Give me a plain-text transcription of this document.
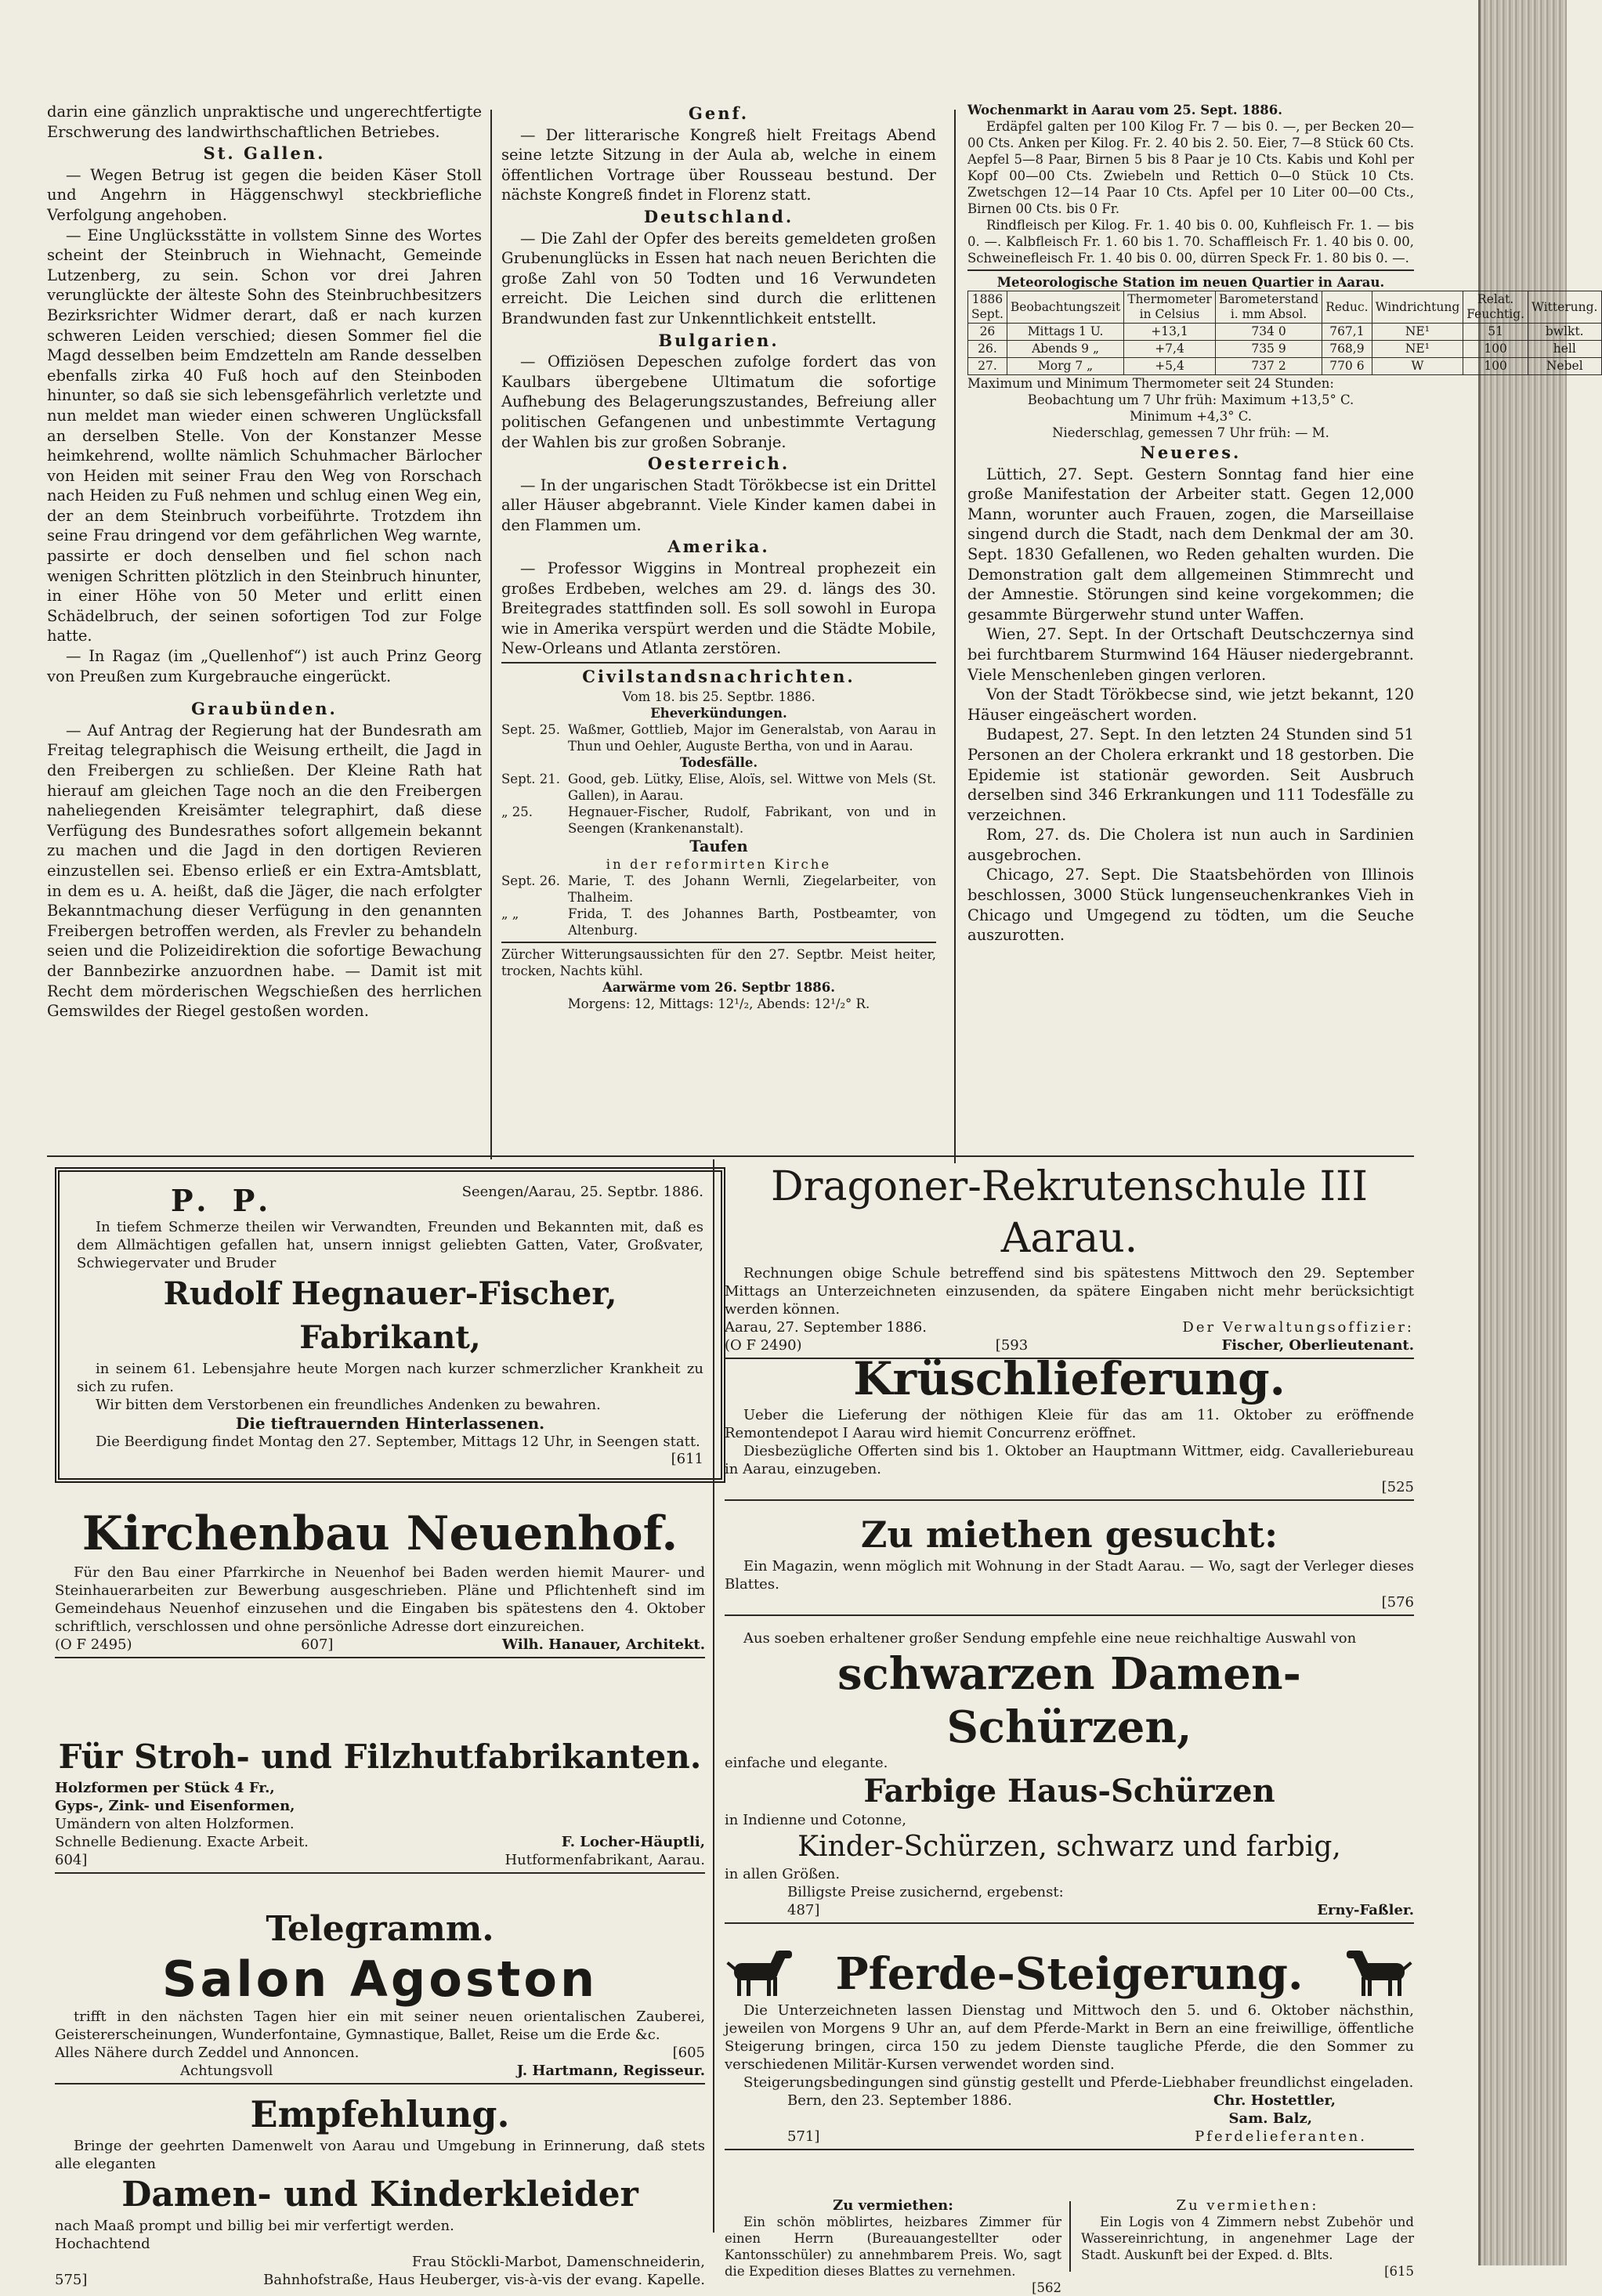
darin eine gänzlich unpraktische und ungerechtfertigte Erschwerung des landwirthschaftlichen Betriebes.

St. Gallen.

— Wegen Betrug ist gegen die beiden Käser Stoll und Angehrn in Häggenschwyl steckbriefliche Verfolgung angehoben.

— Eine Unglücksstätte in vollstem Sinne des Wortes scheint der Steinbruch in Wiehnacht, Gemeinde Lutzenberg, zu sein. Schon vor drei Jahren verunglückte der älteste Sohn des Steinbruchbesitzers Bezirksrichter Widmer derart, daß er nach kurzen schweren Leiden verschied; diesen Sommer fiel die Magd desselben beim Emdzetteln am Rande desselben ebenfalls zirka 40 Fuß hoch auf den Steinboden hinunter, so daß sie sich lebensgefährlich verletzte und nun meldet man wieder einen schweren Unglücksfall an derselben Stelle. Von der Konstanzer Messe heimkehrend, wollte nämlich Schuhmacher Bärlocher von Heiden mit seiner Frau den Weg von Rorschach nach Heiden zu Fuß nehmen und schlug einen Weg ein, der an dem Steinbruch vorbeiführte. Trotzdem ihn seine Frau dringend vor dem gefährlichen Weg warnte, passirte er doch denselben und fiel schon nach wenigen Schritten plötzlich in den Steinbruch hinunter, in einer Höhe von 50 Meter und erlitt einen Schädelbruch, der seinen sofortigen Tod zur Folge hatte.

— In Ragaz (im „Quellenhof“) ist auch Prinz Georg von Preußen zum Kurgebrauche eingerückt.

Graubünden.

— Auf Antrag der Regierung hat der Bundesrath am Freitag telegraphisch die Weisung ertheilt, die Jagd in den Freibergen zu schließen. Der Kleine Rath hat hierauf am gleichen Tage noch an die den Freibergen naheliegenden Kreisämter telegraphirt, daß diese Verfügung des Bundesrathes sofort allgemein bekannt zu machen und die Jagd in den dortigen Revieren einzustellen sei. Ebenso erließ er ein Extra-Amtsblatt, in dem es u. A. heißt, daß die Jäger, die nach erfolgter Bekanntmachung dieser Verfügung in den genannten Freibergen betroffen werden, als Frevler zu behandeln seien und die Polizeidirektion die sofortige Bewachung der Bannbezirke anzuordnen habe. — Damit ist mit Recht dem mörderischen Wegschießen des herrlichen Gemswildes der Riegel gestoßen worden.

Genf.

— Der litterarische Kongreß hielt Freitags Abend seine letzte Sitzung in der Aula ab, welche in einem öffentlichen Vortrage über Rousseau bestund. Der nächste Kongreß findet in Florenz statt.

Deutschland.

— Die Zahl der Opfer des bereits gemeldeten großen Grubenunglücks in Essen hat nach neuen Berichten die große Zahl von 50 Todten und 16 Verwundeten erreicht. Die Leichen sind durch die erlittenen Brandwunden fast zur Unkenntlichkeit entstellt.

Bulgarien.

— Offiziösen Depeschen zufolge fordert das von Kaulbars übergebene Ultimatum die sofortige Aufhebung des Belagerungszustandes, Befreiung aller politischen Gefangenen und unbestimmte Vertagung der Wahlen bis zur großen Sobranje.

Oesterreich.

— In der ungarischen Stadt Törökbecse ist ein Drittel aller Häuser abgebrannt. Viele Kinder kamen dabei in den Flammen um.

Amerika.

— Professor Wiggins in Montreal prophezeit ein großes Erdbeben, welches am 29. d. längs des 30. Breitegrades stattfinden soll. Es soll sowohl in Europa wie in Amerika verspürt werden und die Städte Mobile, New-Orleans und Atlanta zerstören.

Civilstandsnachrichten.
Vom 18. bis 25. Septbr. 1886.
Eheverkündungen.
Sept. 25. Waßmer, Gottlieb, Major im Generalstab, von Aarau in Thun und Oehler, Auguste Bertha, von und in Aarau.
Todesfälle.
Sept. 21. Good, geb. Lütky, Elise, Aloïs, sel. Wittwe von Mels (St. Gallen), in Aarau.
„ 25.	Hegnauer-Fischer, Rudolf, Fabrikant, von und in Seengen (Krankenanstalt).
Taufen
in der reformirten Kirche
Sept. 26. Marie, T. des Johann Wernli, Ziegelarbeiter, von Thalheim.
„ „	Frida, T. des Johannes Barth, Postbeamter, von Altenburg.
Zürcher Witterungsaussichten für den 27. Septbr. Meist heiter, trocken, Nachts kühl.
Aarwärme vom 26. Septbr 1886.
Morgens: 12, Mittags: 12¹/₂, Abends: 12¹/₂° R.
Wochenmarkt in Aarau vom 25. Sept. 1886.

Erdäpfel galten per 100 Kilog Fr. 7 — bis 0. —, per Becken 20—00 Cts. Anken per Kilog. Fr. 2. 40 bis 2. 50. Eier, 7—8 Stück 60 Cts. Aepfel 5—8 Paar, Birnen 5 bis 8 Paar je 10 Cts. Kabis und Kohl per Kopf 00—00 Cts. Zwiebeln und Rettich 0—0 Stück 10 Cts. Zwetschgen 12—14 Paar 10 Cts. Apfel per 10 Liter 00—00 Cts., Birnen 00 Cts. bis 0 Fr.

Rindfleisch per Kilog. Fr. 1. 40 bis 0. 00, Kuhfleisch Fr. 1. — bis 0. —. Kalbfleisch Fr. 1. 60 bis 1. 70. Schaffleisch Fr. 1. 40 bis 0. 00, Schweinefleisch Fr. 1. 40 bis 0. 00, dürren Speck Fr. 1. 80 bis 0. —.

Meteorologische Station im neuen Quartier in Aarau.
1886 Sept.	Beobachtungszeit	Thermometer in Celsius	Barometerstand i. mm Absol.	Reduc.	Windrichtung	Relat. Feuchtig.	Witterung.
26	Mittags 1 U.	+13,1	734 0	767,1	NE¹	51	bwlkt.
26.	Abends 9 „	+7,4	735 9	768,9	NE¹	100	hell
27.	Morg 7 „	+5,4	737 2	770 6	W	100	Nebel
Maximum und Minimum Thermometer seit 24 Stunden:
Beobachtung um 7 Uhr früh: Maximum +13,5° C.
Minimum +4,3° C.
Niederschlag, gemessen 7 Uhr früh: — M.
Neueres.

Lüttich, 27. Sept. Gestern Sonntag fand hier eine große Manifestation der Arbeiter statt. Gegen 12,000 Mann, worunter auch Frauen, zogen, die Marseillaise singend durch die Stadt, nach dem Denkmal der am 30. Sept. 1830 Gefallenen, wo Reden gehalten wurden. Die Demonstration galt dem allgemeinen Stimmrecht und der Amnestie. Störungen sind keine vorgekommen; die gesammte Bürgerwehr stund unter Waffen.

Wien, 27. Sept. In der Ortschaft Deutschczernya sind bei furchtbarem Sturmwind 164 Häuser niedergebrannt. Viele Menschenleben gingen verloren.

Von der Stadt Törökbecse sind, wie jetzt bekannt, 120 Häuser eingeäschert worden.

Budapest, 27. Sept. In den letzten 24 Stunden sind 51 Personen an der Cholera erkrankt und 18 gestorben. Die Epidemie ist stationär geworden. Seit Ausbruch derselben sind 346 Erkrankungen und 111 Todesfälle zu verzeichnen.

Rom, 27. ds. Die Cholera ist nun auch in Sardinien ausgebrochen.

Chicago, 27. Sept. Die Staatsbehörden von Illinois beschlossen, 3000 Stück lungenseuchenkrankes Vieh in Chicago und Umgegend zu tödten, um die Seuche auszurotten.

P. P.	Seengen/Aarau, 25. Septbr. 1886.

In tiefem Schmerze theilen wir Verwandten, Freunden und Bekannten mit, daß es dem Allmächtigen gefallen hat, unsern innigst geliebten Gatten, Vater, Großvater, Schwiegervater und Bruder

Rudolf Hegnauer-Fischer, Fabrikant,

in seinem 61. Lebensjahre heute Morgen nach kurzer schmerzlicher Krankheit zu sich zu rufen.

Wir bitten dem Verstorbenen ein freundliches Andenken zu bewahren.

Die tieftrauernden Hinterlassenen.

Die Beerdigung findet Montag den 27. September, Mittags 12 Uhr, in Seengen statt.

[611
Kirchenbau Neuenhof.

Für den Bau einer Pfarrkirche in Neuenhof bei Baden werden hiemit Maurer- und Steinhauerarbeiten zur Bewerbung ausgeschrieben. Pläne und Pflichtenheft sind im Gemeindehaus Neuenhof einzusehen und die Eingaben bis spätestens den 4. Oktober schriftlich, verschlossen und ohne persönliche Adresse dort einzureichen.

(O F 2495)	607]	Wilh. Hanauer, Architekt.
Für Stroh- und Filzhutfabrikanten.
Holzformen per Stück 4 Fr.,
Gyps-, Zink- und Eisenformen,
Umändern von alten Holzformen.
Schnelle Bedienung. Exacte Arbeit.	F. Locher-Häuptli,
604]	Hutformenfabrikant, Aarau.
Telegramm.
Salon Agoston

trifft in den nächsten Tagen hier ein mit seiner neuen orientalischen Zauberei, Geistererscheinungen, Wunderfontaine, Gymnastique, Ballet, Reise um die Erde &c.

Alles Nähere durch Zeddel und Annoncen.	[605
Achtungsvoll	J. Hartmann, Regisseur.
Empfehlung.

Bringe der geehrten Damenwelt von Aarau und Umgebung in Erinnerung, daß stets alle eleganten

Damen- und Kinderkleider
nach Maaß prompt und billig bei mir verfertigt werden.
Hochachtend
Frau Stöckli-Marbot, Damenschneiderin,
575]	Bahnhofstraße, Haus Heuberger, vis-à-vis der evang. Kapelle.
Dragoner-Rekrutenschule III Aarau.

Rechnungen obige Schule betreffend sind bis spätestens Mittwoch den 29. September Mittags an Unterzeichneten einzusenden, da spätere Eingaben nicht mehr berücksichtigt werden können.

Aarau, 27. September 1886.	Der Verwaltungsoffizier:
(O F 2490)	[593	Fischer, Oberlieutenant.
Krüschlieferung.

Ueber die Lieferung der nöthigen Kleie für das am 11. Oktober zu eröffnende Remontendepot I Aarau wird hiemit Concurrenz eröffnet.

Diesbezügliche Offerten sind bis 1. Oktober an Hauptmann Wittmer, eidg. Cavalleriebureau in Aarau, einzugeben.

[525
Zu miethen gesucht:

Ein Magazin, wenn möglich mit Wohnung in der Stadt Aarau. — Wo, sagt der Verleger dieses Blattes.

[576

Aus soeben erhaltener großer Sendung empfehle eine neue reichhaltige Auswahl von

schwarzen Damen-Schürzen,
einfache und elegante.
Farbige Haus-Schürzen
in Indienne und Cotonne,
Kinder-Schürzen, schwarz und farbig,
in allen Größen.
Billigste Preise zusichernd, ergebenst:
487]	Erny-Faßler.
Pferde-Steigerung.

Die Unterzeichneten lassen Dienstag und Mittwoch den 5. und 6. Oktober nächsthin, jeweilen von Morgens 9 Uhr an, auf dem Pferde-Markt in Bern an eine freiwillige, öffentliche Steigerung bringen, circa 150 zu jedem Dienste taugliche Pferde, die den Sommer zu verschiedenen Militär-Kursen verwendet worden sind.

Steigerungsbedingungen sind günstig gestellt und Pferde-Liebhaber freundlichst eingeladen.

Bern, den 23. September 1886.	Chr. Hostettler,
Sam. Balz,
571]	Pferdelieferanten.
Zu vermiethen:

Ein schön möblirtes, heizbares Zimmer für einen Herrn (Bureauangestellter oder Kantonsschüler) zu annehmbarem Preis. Wo, sagt die Expedition dieses Blattes zu vernehmen.

[562
Zu vermiethen:

Ein Logis von 4 Zimmern nebst Zubehör und Wassereinrichtung, in angenehmer Lage der Stadt. Auskunft bei der Exped. d. Blts.

[615
